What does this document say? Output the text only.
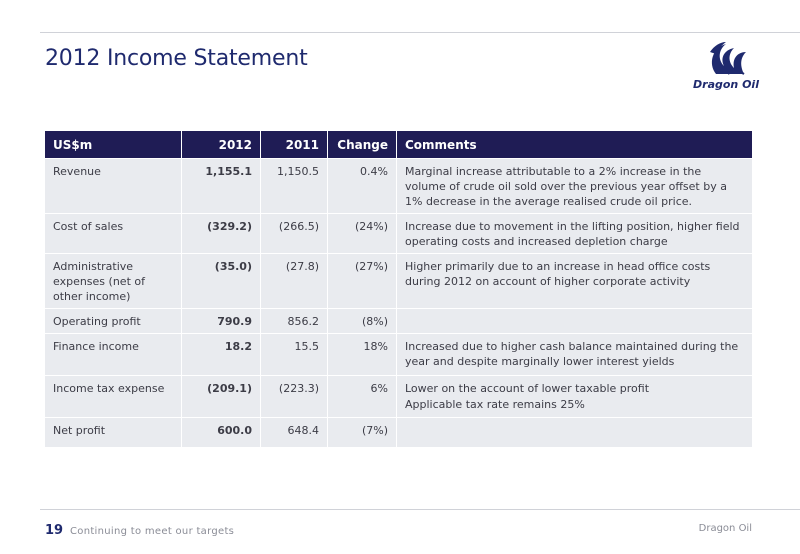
2012 Income Statement
Dragon Oil
US$m	2012	2011	Change	Comments
Revenue	1,155.1	1,150.5	0.4%	Marginal increase attributable to a 2% increase in the volume of crude oil sold over the previous year offset by a 1% decrease in the average realised crude oil price.
Cost of sales	(329.2)	(266.5)	(24%)	Increase due to movement in the lifting position, higher field operating costs and increased depletion charge
Administrative expenses (net of other income)	(35.0)	(27.8)	(27%)	Higher primarily due to an increase in head office costs during 2012 on account of higher corporate activity
Operating profit	790.9	856.2	(8%)	
Finance income	18.2	15.5	18%	Increased due to higher cash balance maintained during the year and despite marginally lower interest yields
Income tax expense	(209.1)	(223.3)	6%	Lower on the account of lower taxable profit
Applicable tax rate remains 25%
Net profit	600.0	648.4	(7%)	
19 Continuing to meet our targets	Dragon Oil
